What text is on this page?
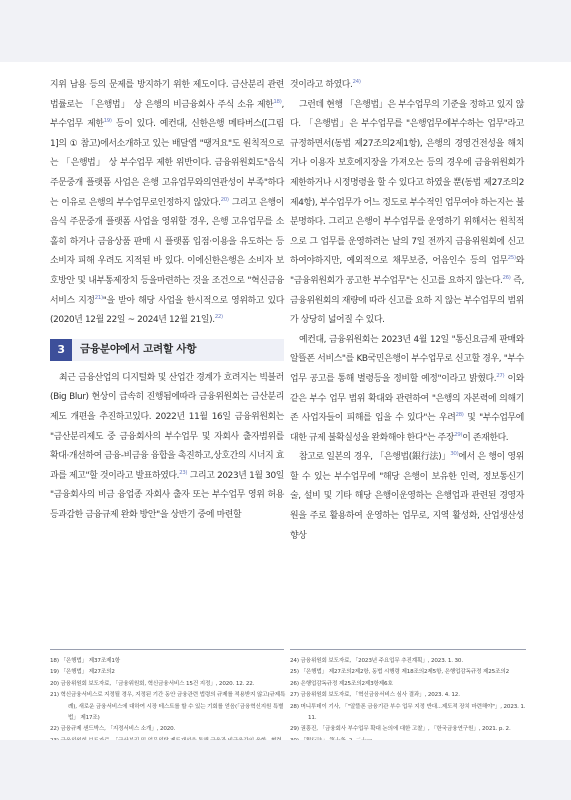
지위 남용 등의 문제를 방지하기 위한 제도이다. 금산분리 관련 법률로는 「은행법」 상 은행의 비금융회사 주식 소유 제한$^{18)}$, 부수업무 제한$^{19)}$ 등이 있다. 예컨대, 신한은행 메타버스([그림 1]의 ① 참고)에서소개하고 있는 배달앱 "땡겨요"도 원칙적으로는 「은행법」 상 부수업무 제한 위반이다. 금융위원회도"음식 주문중개 플랫폼 사업은 은행 고유업무와의연관성이 부족"하다는 이유로 은행의 부수업무로인정하지 않았다.$^{20)}$ 그리고 은행이 음식 주문중개 플랫폼 사업을 영위할 경우, 은행 고유업무를 소홀히 하거나 금융상품 판매 시 플랫폼 입점·이용을 유도하는 등 소비자 피해 우려도 지적된 바 있다. 이에신한은행은 소비자 보호방안 및 내부통제장치 등을마련하는 것을 조건으로 "혁신금융서비스 지정$^{21)}$"을 받아 해당 사업을 한시적으로 영위하고 있다 (2020년 12월 22일 ~ 2024년 12월 21일).$^{22)}$

3	금융분야에서 고려할 사항

최근 금융산업의 디지털화 및 산업간 경계가 흐려지는 빅블러(Big Blur) 현상이 급속히 진행됨에따라 금융위원회는 금산분리 제도 개편을 추진하고있다. 2022년 11월 16일 금융위원회는 "금산분리제도 중 금융회사의 부수업무 및 자회사 출자범위를 확대·개선하여 금융-비금융 융합을 촉진하고,상호간의 시너지 효과를 제고"할 것이라고 발표하였다.$^{23)}$ 그리고 2023년 1월 30일 "금융회사의 비금 융업종 자회사 출자 또는 부수업무 영위 허용 등과감한 금융규제 완화 방안"을 상반기 중에 마련할

것이라고 하였다.$^{24)}$

그런데 현행 「은행법」은 부수업무의 기준을 정하고 있지 않다. 「은행법」은 부수업무를 "은행업무에부수하는 업무"라고 규정하면서(동법 제27조의2제1항), 은행의 경영건전성을 해치거나 이용자 보호에지장을 가져오는 등의 경우에 금융위원회가 제한하거나 시정명령을 할 수 있다고 하였을 뿐(동법 제27조의2제4항), 부수업무가 어느 정도로 부수적인 업무여야 하는지는 불분명하다. 그리고 은행이 부수업무를 운영하기 위해서는 원칙적으로 그 업무를 운영하려는 날의 7일 전까지 금융위원회에 신고하여야하지만, 예외적으로 채무보증, 어음인수 등의 업무$^{25)}$와 "금융위원회가 공고한 부수업무"는 신고를 요하지 않는다.$^{26)}$ 즉, 금융위원회의 재량에 따라 신고를 요하 지 않는 부수업무의 범위가 상당히 넓어질 수 있다.

예컨대, 금융위원회는 2023년 4월 12일 "통신요금제 판매와 알뜰폰 서비스"를 KB국민은행이 부수업무로 신고할 경우, "부수업무 공고를 통해 별령등을 정비할 예정"이라고 밝혔다.$^{27)}$ 이와 같은 부수 업무 범위 확대와 관련하여 "은행의 자본력에 의해기존 사업자들이 피해를 입을 수 있다"는 우려$^{28)}$ 및 "부수업무에 대한 규제 불확실성을 완화해야 한다"는 주장$^{29)}$이 존재한다.

참고로 일본의 경우, 「은행법(銀行法)」$^{30)}$에서 은 행이 영위할 수 있는 부수업무에 "해당 은행이 보유한 인력, 정보통신기술, 설비 및 기타 해당 은행이운영하는 은행업과 관련된 경영자원을 주로 활용하여 운영하는 업무로, 지역 활성화, 산업생산성 향상

18) 「은행법」 제37조제1항
19) 「은행법」 제27조의2
20) 금융위원회 보도자료, 「금융위원회, 혁신금융서비스 15건 지정」, 2020. 12. 22.
21) 혁신금융서비스로 지정될 경우, 지정된 기간 동안 금융관련 법령의 규제를 적용받지 않고(규제특례), 새로운 금융서비스에 대하여 시장 테스트를 할 수 있는 기회를 얻음(「금융혁신지원 특별법」 제17조)
22) 금융규제 샌드박스, 「지정서비스 소개」, 2020.
24) 금융위원회 보도자료, 「2023년 주요업무 추진계획」, 2023. 1. 30.
25) 「은행법」 제27조의2제2항, 동법 시행령 제18조의2제5항, 은행업감독규정 제25조의2
26) 은행업감독규정 제25조의2제3항제6호
27) 금융위원회 보도자료, 「혁신금융서비스 심사 결과」, 2023. 4. 12.
28) 머니투데이 기사, 「"알뜰폰 금융기관 부수 업무 지정 반대...제도적 장치 마련해야"」, 2023. 1. 11.
29) 권흥진, 「금융회사 부수업무 확대 논의에 대한 고찰」, 「한국금융연구원」, 2021. p. 2.
